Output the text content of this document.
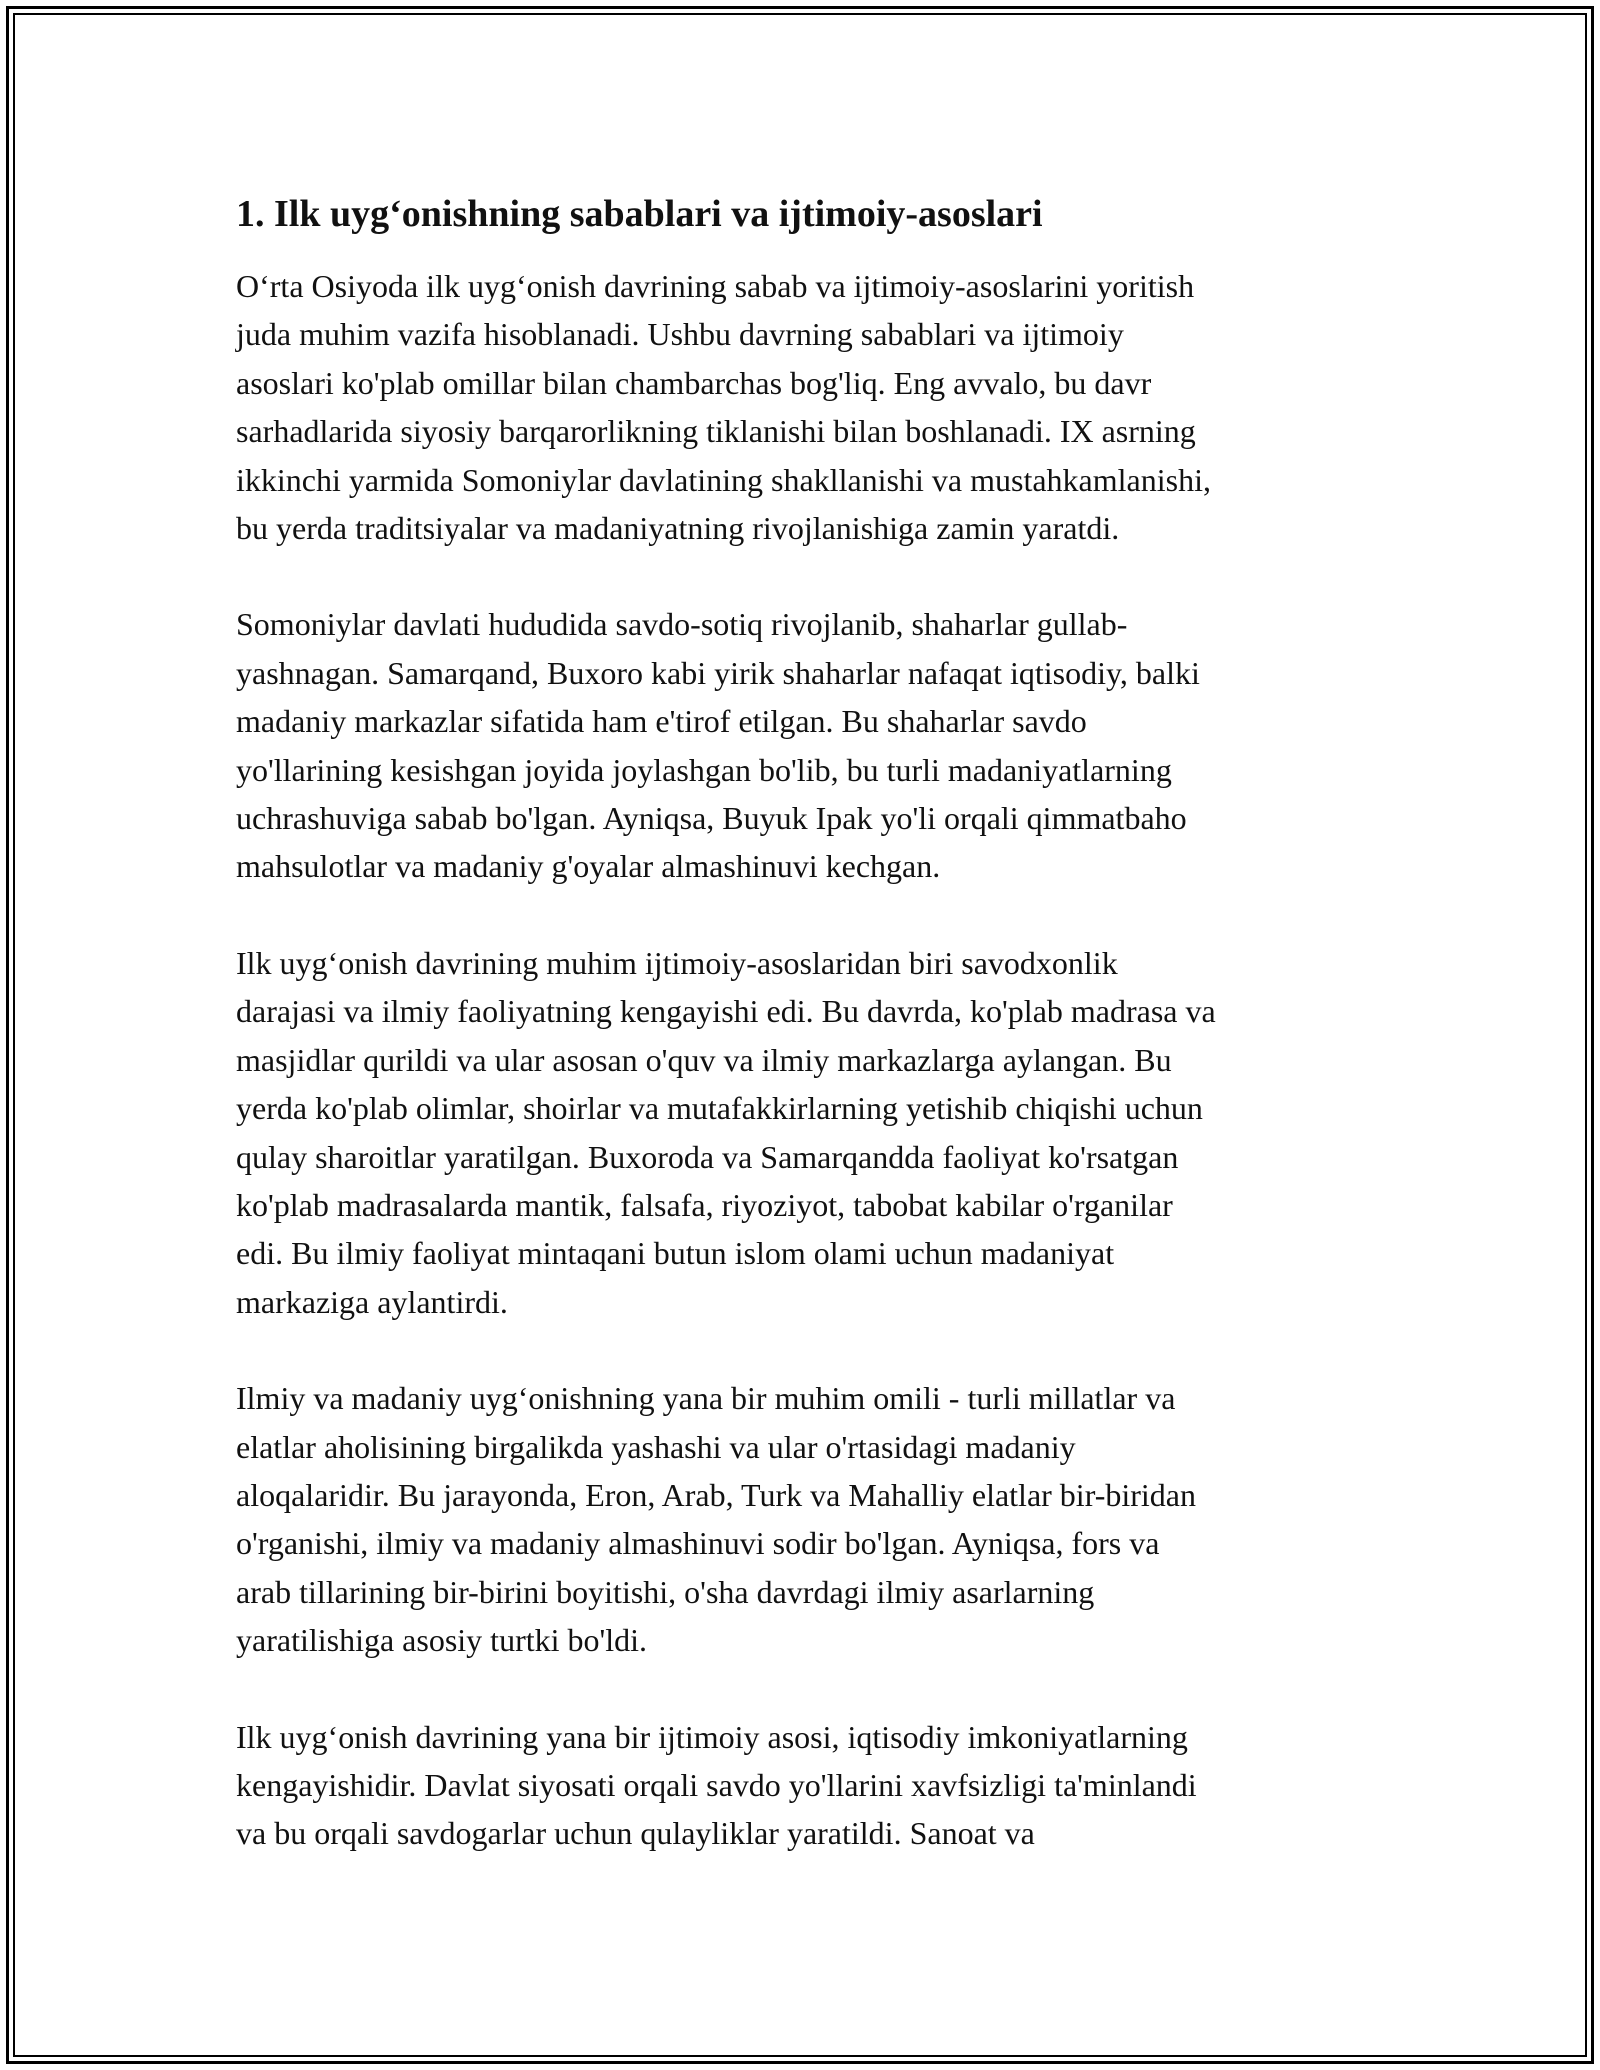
1. Ilk uyg‘onishning sabablari va ijtimoiy-asoslari
O‘rta Osiyoda ilk uyg‘onish davrining sabab va ijtimoiy-asoslarini yoritish
juda muhim vazifa hisoblanadi. Ushbu davrning sabablari va ijtimoiy
asoslari ko'plab omillar bilan chambarchas bog'liq. Eng avvalo, bu davr
sarhadlarida siyosiy barqarorlikning tiklanishi bilan boshlanadi. IX asrning
ikkinchi yarmida Somoniylar davlatining shakllanishi va mustahkamlanishi,
bu yerda traditsiyalar va madaniyatning rivojlanishiga zamin yaratdi.
Somoniylar davlati hududida savdo-sotiq rivojlanib, shaharlar gullab-
yashnagan. Samarqand, Buxoro kabi yirik shaharlar nafaqat iqtisodiy, balki
madaniy markazlar sifatida ham e'tirof etilgan. Bu shaharlar savdo
yo'llarining kesishgan joyida joylashgan bo'lib, bu turli madaniyatlarning
uchrashuviga sabab bo'lgan. Ayniqsa, Buyuk Ipak yo'li orqali qimmatbaho
mahsulotlar va madaniy g'oyalar almashinuvi kechgan.
Ilk uyg‘onish davrining muhim ijtimoiy-asoslaridan biri savodxonlik
darajasi va ilmiy faoliyatning kengayishi edi. Bu davrda, ko'plab madrasa va
masjidlar qurildi va ular asosan o'quv va ilmiy markazlarga aylangan. Bu
yerda ko'plab olimlar, shoirlar va mutafakkirlarning yetishib chiqishi uchun
qulay sharoitlar yaratilgan. Buxoroda va Samarqandda faoliyat ko'rsatgan
ko'plab madrasalarda mantik, falsafa, riyoziyot, tabobat kabilar o'rganilar
edi. Bu ilmiy faoliyat mintaqani butun islom olami uchun madaniyat
markaziga aylantirdi.
Ilmiy va madaniy uyg‘onishning yana bir muhim omili - turli millatlar va
elatlar aholisining birgalikda yashashi va ular o'rtasidagi madaniy
aloqalaridir. Bu jarayonda, Eron, Arab, Turk va Mahalliy elatlar bir-biridan
o'rganishi, ilmiy va madaniy almashinuvi sodir bo'lgan. Ayniqsa, fors va
arab tillarining bir-birini boyitishi, o'sha davrdagi ilmiy asarlarning
yaratilishiga asosiy turtki bo'ldi.
Ilk uyg‘onish davrining yana bir ijtimoiy asosi, iqtisodiy imkoniyatlarning
kengayishidir. Davlat siyosati orqali savdo yo'llarini xavfsizligi ta'minlandi
va bu orqali savdogarlar uchun qulayliklar yaratildi. Sanoat va
